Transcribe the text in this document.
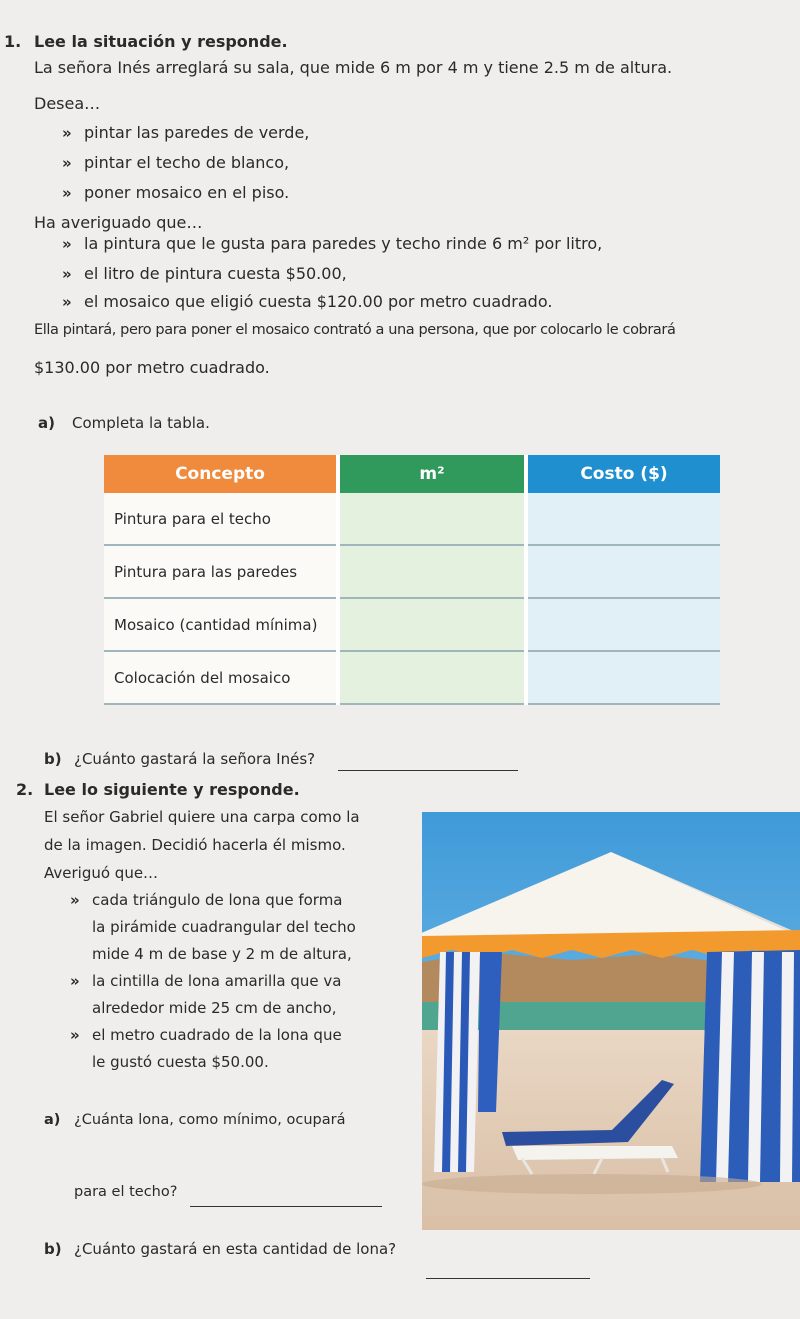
1. Lee la situación y responde.
La señora Inés arreglará su sala, que mide 6 m por 4 m y tiene 2.5 m de altura.
Desea…
» pintar las paredes de verde,
» pintar el techo de blanco,
» poner mosaico en el piso.
Ha averiguado que…
» la pintura que le gusta para paredes y techo rinde 6 m² por litro,
» el litro de pintura cuesta $50.00,
» el mosaico que eligió cuesta $120.00 por metro cuadrado.
Ella pintará, pero para poner el mosaico contrató a una persona, que por colocarlo le cobrará
$130.00 por metro cuadrado.
a) Completa la tabla.
Concepto	m²	Costo ($)
Pintura para el techo		
Pintura para las paredes		
Mosaico (cantidad mínima)		
Colocación del mosaico		
b) ¿Cuánto gastará la señora Inés?
2. Lee lo siguiente y responde.
El señor Gabriel quiere una carpa como la
de la imagen. Decidió hacerla él mismo.
Averiguó que…
» cada triángulo de lona que forma
la pirámide cuadrangular del techo
mide 4 m de base y 2 m de altura,
» la cintilla de lona amarilla que va
alrededor mide 25 cm de ancho,
» el metro cuadrado de la lona que
le gustó cuesta $50.00.
a) ¿Cuánta lona, como mínimo, ocupará
para el techo?
b) ¿Cuánto gastará en esta cantidad de lona?
